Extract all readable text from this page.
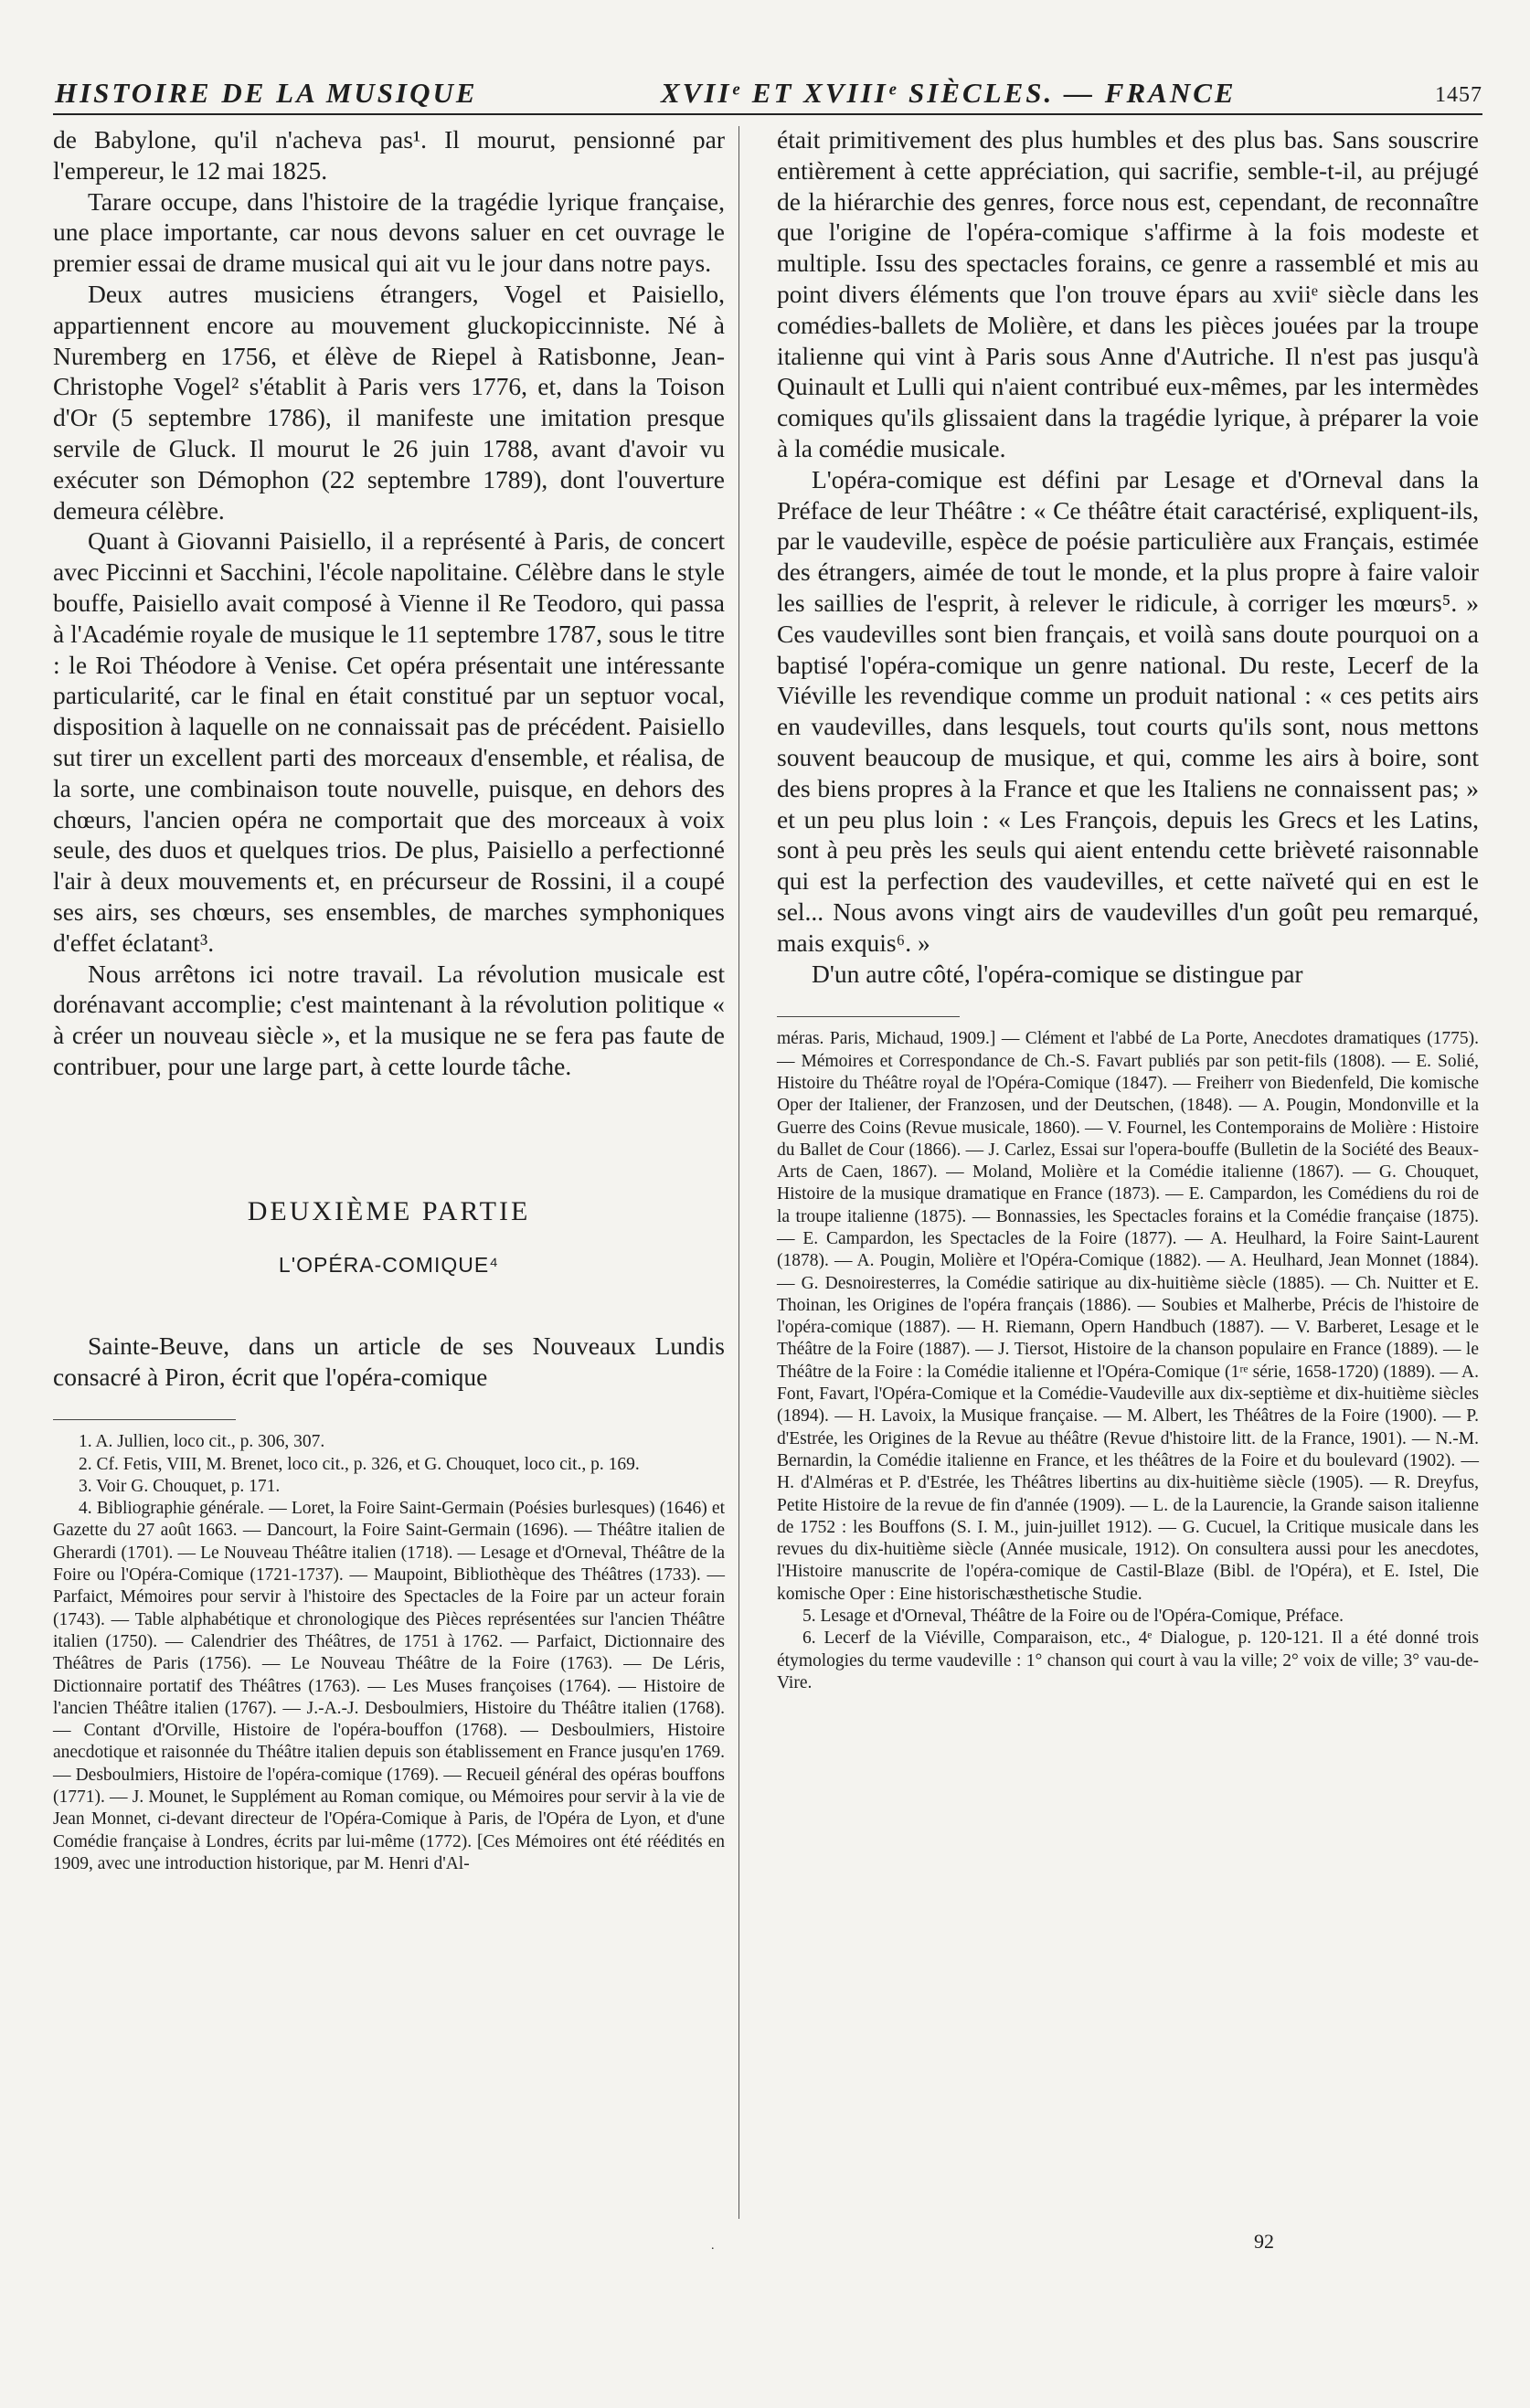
HISTOIRE DE LA MUSIQUE	XVIIᵉ ET XVIIIᵉ SIÈCLES. — FRANCE	1457

de Babylone, qu'il n'acheva pas¹. Il mourut, pensionné par l'empereur, le 12 mai 1825.

Tarare occupe, dans l'histoire de la tragédie lyrique française, une place importante, car nous devons saluer en cet ouvrage le premier essai de drame musical qui ait vu le jour dans notre pays.

Deux autres musiciens étrangers, Vogel et Paisiello, appartiennent encore au mouvement gluckopiccinniste. Né à Nuremberg en 1756, et élève de Riepel à Ratisbonne, Jean-Christophe Vogel² s'établit à Paris vers 1776, et, dans la Toison d'Or (5 septembre 1786), il manifeste une imitation presque servile de Gluck. Il mourut le 26 juin 1788, avant d'avoir vu exécuter son Démophon (22 septembre 1789), dont l'ouverture demeura célèbre.

Quant à Giovanni Paisiello, il a représenté à Paris, de concert avec Piccinni et Sacchini, l'école napolitaine. Célèbre dans le style bouffe, Paisiello avait composé à Vienne il Re Teodoro, qui passa à l'Académie royale de musique le 11 septembre 1787, sous le titre : le Roi Théodore à Venise. Cet opéra présentait une intéressante particularité, car le final en était constitué par un septuor vocal, disposition à laquelle on ne connaissait pas de précédent. Paisiello sut tirer un excellent parti des morceaux d'ensemble, et réalisa, de la sorte, une combinaison toute nouvelle, puisque, en dehors des chœurs, l'ancien opéra ne comportait que des morceaux à voix seule, des duos et quelques trios. De plus, Paisiello a perfectionné l'air à deux mouvements et, en précurseur de Rossini, il a coupé ses airs, ses chœurs, ses ensembles, de marches symphoniques d'effet éclatant³.

Nous arrêtons ici notre travail. La révolution musicale est dorénavant accomplie; c'est maintenant à la révolution politique « à créer un nouveau siècle », et la musique ne se fera pas faute de contribuer, pour une large part, à cette lourde tâche.

DEUXIÈME PARTIE
L'OPÉRA-COMIQUE⁴

Sainte-Beuve, dans un article de ses Nouveaux Lundis consacré à Piron, écrit que l'opéra-comique

1. A. Jullien, loco cit., p. 306, 307.

2. Cf. Fetis, VIII, M. Brenet, loco cit., p. 326, et G. Chouquet, loco cit., p. 169.

3. Voir G. Chouquet, p. 171.

4. Bibliographie générale. — Loret, la Foire Saint-Germain (Poésies burlesques) (1646) et Gazette du 27 août 1663. — Dancourt, la Foire Saint-Germain (1696). — Théâtre italien de Gherardi (1701). — Le Nouveau Théâtre italien (1718). — Lesage et d'Orneval, Théâtre de la Foire ou l'Opéra-Comique (1721-1737). — Maupoint, Bibliothèque des Théâtres (1733). — Parfaict, Mémoires pour servir à l'histoire des Spectacles de la Foire par un acteur forain (1743). — Table alphabétique et chronologique des Pièces représentées sur l'ancien Théâtre italien (1750). — Calendrier des Théâtres, de 1751 à 1762. — Parfaict, Dictionnaire des Théâtres de Paris (1756). — Le Nouveau Théâtre de la Foire (1763). — De Léris, Dictionnaire portatif des Théâtres (1763). — Les Muses françoises (1764). — Histoire de l'ancien Théâtre italien (1767). — J.-A.-J. Desboulmiers, Histoire du Théâtre italien (1768). — Contant d'Orville, Histoire de l'opéra-bouffon (1768). — Desboulmiers, Histoire anecdotique et raisonnée du Théâtre italien depuis son établissement en France jusqu'en 1769. — Desboulmiers, Histoire de l'opéra-comique (1769). — Recueil général des opéras bouffons (1771). — J. Mounet, le Supplément au Roman comique, ou Mémoires pour servir à la vie de Jean Monnet, ci-devant directeur de l'Opéra-Comique à Paris, de l'Opéra de Lyon, et d'une Comédie française à Londres, écrits par lui-même (1772). [Ces Mémoires ont été réédités en 1909, avec une introduction historique, par M. Henri d'Al-

était primitivement des plus humbles et des plus bas. Sans souscrire entièrement à cette appréciation, qui sacrifie, semble-t-il, au préjugé de la hiérarchie des genres, force nous est, cependant, de reconnaître que l'origine de l'opéra-comique s'affirme à la fois modeste et multiple. Issu des spectacles forains, ce genre a rassemblé et mis au point divers éléments que l'on trouve épars au xviiᵉ siècle dans les comédies-ballets de Molière, et dans les pièces jouées par la troupe italienne qui vint à Paris sous Anne d'Autriche. Il n'est pas jusqu'à Quinault et Lulli qui n'aient contribué eux-mêmes, par les intermèdes comiques qu'ils glissaient dans la tragédie lyrique, à préparer la voie à la comédie musicale.

L'opéra-comique est défini par Lesage et d'Orneval dans la Préface de leur Théâtre : « Ce théâtre était caractérisé, expliquent-ils, par le vaudeville, espèce de poésie particulière aux Français, estimée des étrangers, aimée de tout le monde, et la plus propre à faire valoir les saillies de l'esprit, à relever le ridicule, à corriger les mœurs⁵. » Ces vaudevilles sont bien français, et voilà sans doute pourquoi on a baptisé l'opéra-comique un genre national. Du reste, Lecerf de la Viéville les revendique comme un produit national : « ces petits airs en vaudevilles, dans lesquels, tout courts qu'ils sont, nous mettons souvent beaucoup de musique, et qui, comme les airs à boire, sont des biens propres à la France et que les Italiens ne connaissent pas; » et un peu plus loin : « Les François, depuis les Grecs et les Latins, sont à peu près les seuls qui aient entendu cette brièveté raisonnable qui est la perfection des vaudevilles, et cette naïveté qui en est le sel... Nous avons vingt airs de vaudevilles d'un goût peu remarqué, mais exquis⁶. »

D'un autre côté, l'opéra-comique se distingue par

méras. Paris, Michaud, 1909.] — Clément et l'abbé de La Porte, Anecdotes dramatiques (1775). — Mémoires et Correspondance de Ch.-S. Favart publiés par son petit-fils (1808). — E. Solié, Histoire du Théâtre royal de l'Opéra-Comique (1847). — Freiherr von Biedenfeld, Die komische Oper der Italiener, der Franzosen, und der Deutschen, (1848). — A. Pougin, Mondonville et la Guerre des Coins (Revue musicale, 1860). — V. Fournel, les Contemporains de Molière : Histoire du Ballet de Cour (1866). — J. Carlez, Essai sur l'opera-bouffe (Bulletin de la Société des Beaux-Arts de Caen, 1867). — Moland, Molière et la Comédie italienne (1867). — G. Chouquet, Histoire de la musique dramatique en France (1873). — E. Campardon, les Comédiens du roi de la troupe italienne (1875). — Bonnassies, les Spectacles forains et la Comédie française (1875). — E. Campardon, les Spectacles de la Foire (1877). — A. Heulhard, la Foire Saint-Laurent (1878). — A. Pougin, Molière et l'Opéra-Comique (1882). — A. Heulhard, Jean Monnet (1884). — G. Desnoiresterres, la Comédie satirique au dix-huitième siècle (1885). — Ch. Nuitter et E. Thoinan, les Origines de l'opéra français (1886). — Soubies et Malherbe, Précis de l'histoire de l'opéra-comique (1887). — H. Riemann, Opern Handbuch (1887). — V. Barberet, Lesage et le Théâtre de la Foire (1887). — J. Tiersot, Histoire de la chanson populaire en France (1889). — le Théâtre de la Foire : la Comédie italienne et l'Opéra-Comique (1ʳᵉ série, 1658-1720) (1889). — A. Font, Favart, l'Opéra-Comique et la Comédie-Vaudeville aux dix-septième et dix-huitième siècles (1894). — H. Lavoix, la Musique française. — M. Albert, les Théâtres de la Foire (1900). — P. d'Estrée, les Origines de la Revue au théâtre (Revue d'histoire litt. de la France, 1901). — N.-M. Bernardin, la Comédie italienne en France, et les théâtres de la Foire et du boulevard (1902). — H. d'Alméras et P. d'Estrée, les Théâtres libertins au dix-huitième siècle (1905). — R. Dreyfus, Petite Histoire de la revue de fin d'année (1909). — L. de la Laurencie, la Grande saison italienne de 1752 : les Bouffons (S. I. M., juin-juillet 1912). — G. Cucuel, la Critique musicale dans les revues du dix-huitième siècle (Année musicale, 1912). On consultera aussi pour les anecdotes, l'Histoire manuscrite de l'opéra-comique de Castil-Blaze (Bibl. de l'Opéra), et E. Istel, Die komische Oper : Eine historischæsthetische Studie.

5. Lesage et d'Orneval, Théâtre de la Foire ou de l'Opéra-Comique, Préface.

6. Lecerf de la Viéville, Comparaison, etc., 4ᵉ Dialogue, p. 120-121. Il a été donné trois étymologies du terme vaudeville : 1° chanson qui court à vau la ville; 2° voix de ville; 3° vau-de-Vire.

.	92
